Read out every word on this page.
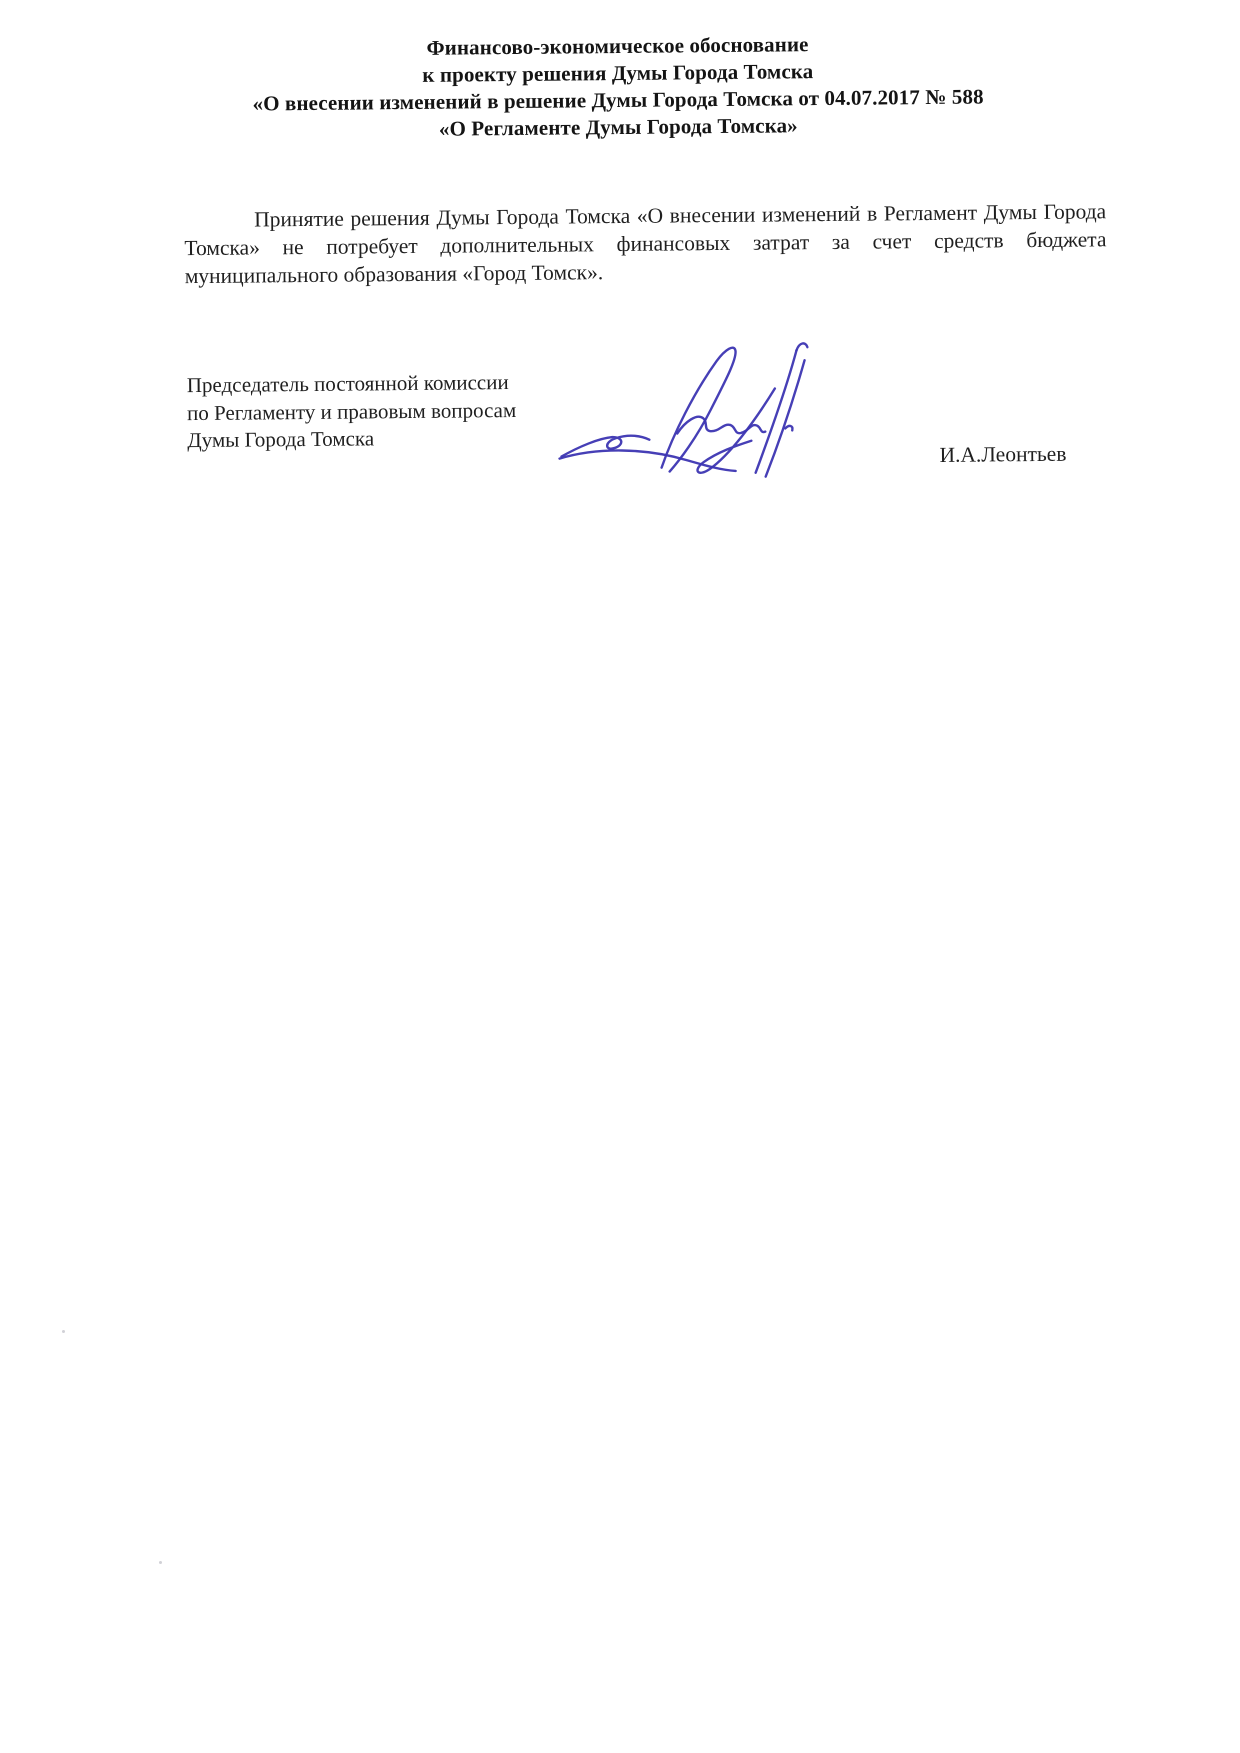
Финансово-экономическое обоснование
к проекту решения Думы Города Томска
«О внесении изменений в решение Думы Города Томска от 04.07.2017 № 588
«О Регламенте Думы Города Томска»
Принятие решения Думы Города Томска «О внесении изменений в Регламент Думы Города Томска» не потребует дополнительных финансовых затрат за счет средств бюджета муниципального образования «Город Томск».
Председатель постоянной комиссии
по Регламенту и правовым вопросам
Думы Города Томска
И.А.Леонтьев
